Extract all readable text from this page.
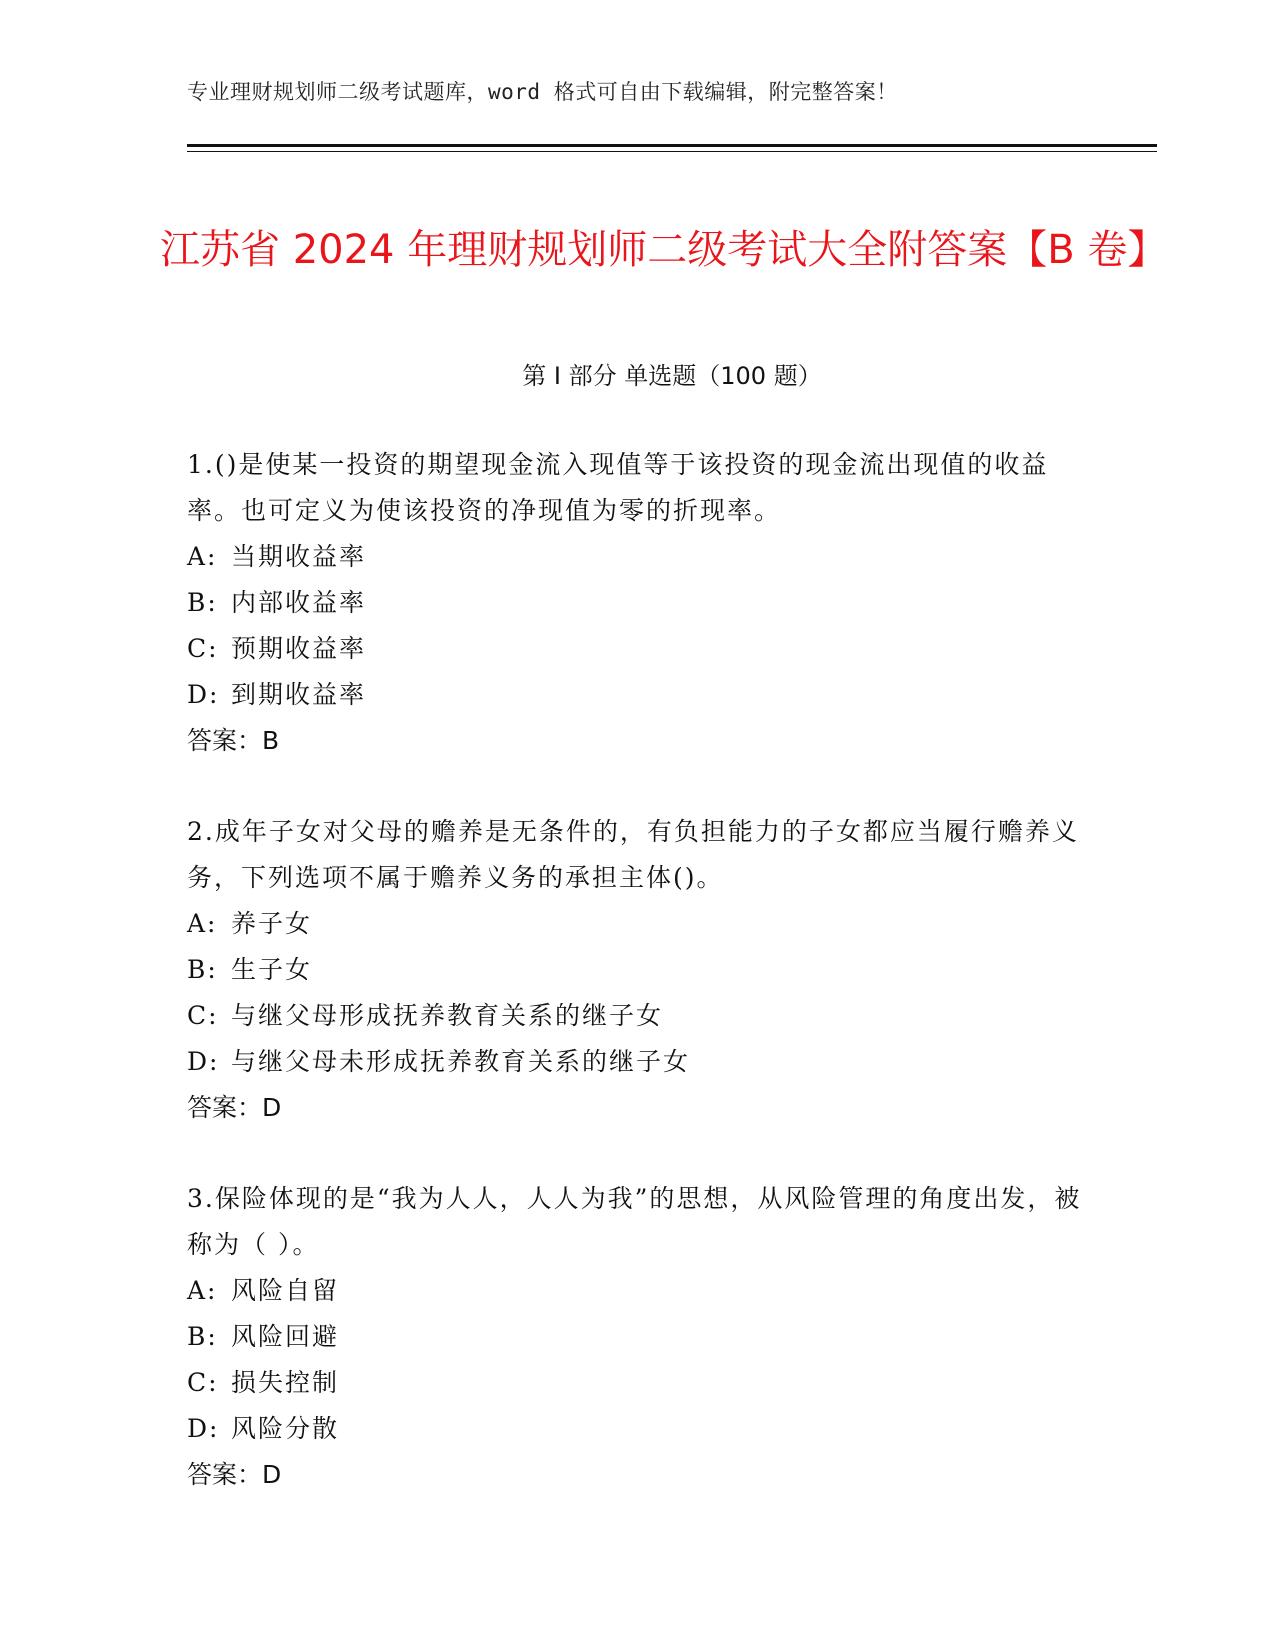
专业理财规划师二级考试题库，word 格式可自由下载编辑，附完整答案！
江苏省 2024 年理财规划师二级考试大全附答案【B 卷】
第 I 部分 单选题（100 题）

1.()是使某一投资的期望现金流入现值等于该投资的现金流出现值的收益率。也可定义为使该投资的净现值为零的折现率。

A: 当期收益率
B: 内部收益率
C: 预期收益率
D: 到期收益率
答案：B

2.成年子女对父母的赡养是无条件的，有负担能力的子女都应当履行赡养义务，下列选项不属于赡养义务的承担主体()。

A: 养子女
B: 生子女
C: 与继父母形成抚养教育关系的继子女
D: 与继父母未形成抚养教育关系的继子女
答案：D

3.保险体现的是“我为人人，人人为我”的思想，从风险管理的角度出发，被称为（ ）。

A: 风险自留
B: 风险回避
C: 损失控制
D: 风险分散
答案：D
